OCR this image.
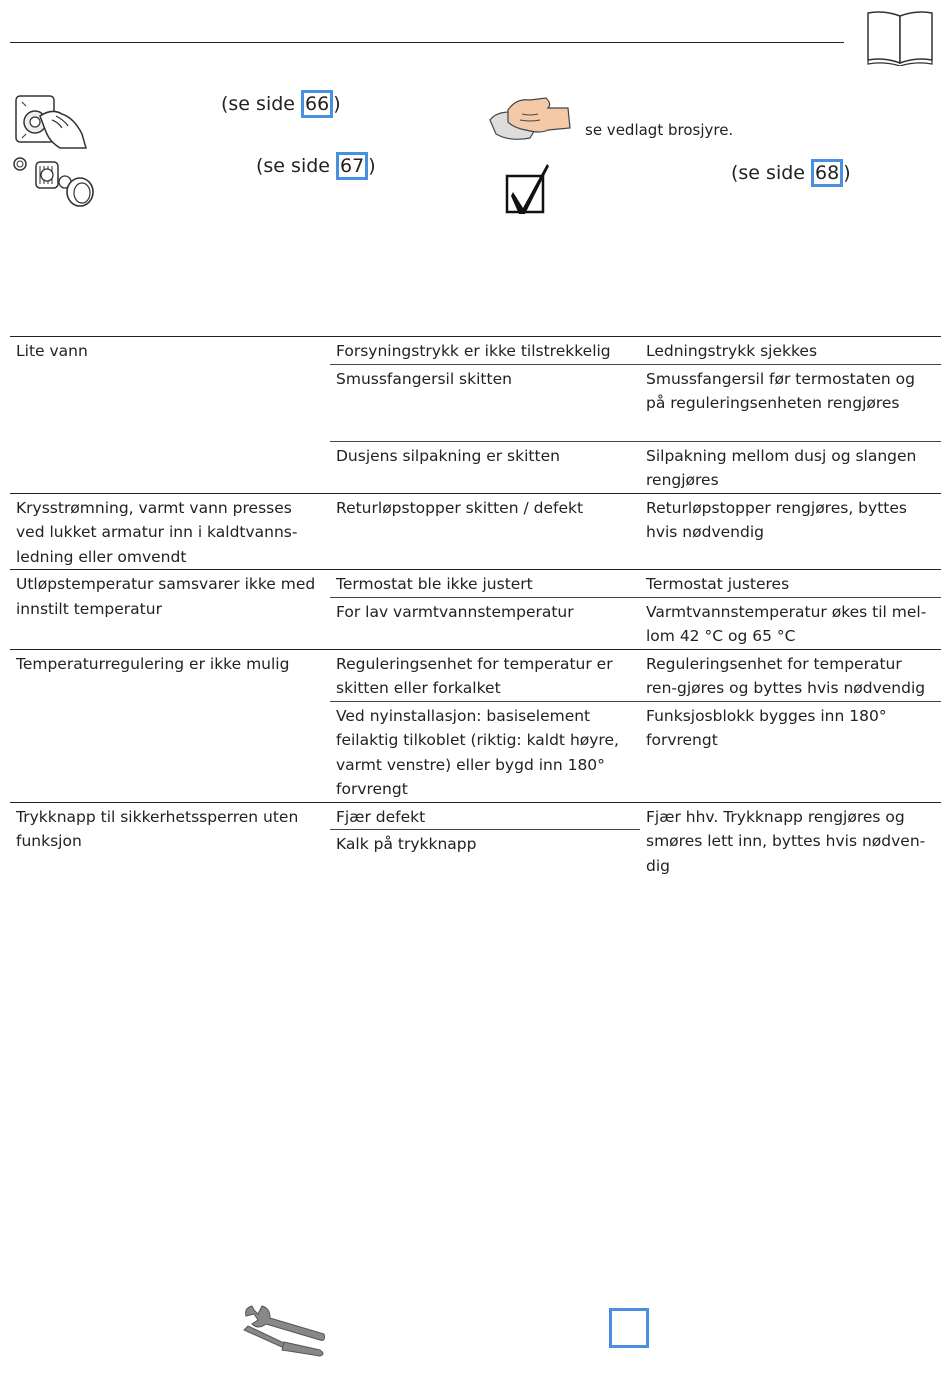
(se side 66 )
(se side 67 )
se vedlagt brosjyre.
(se side 68 )
Lite vann	Forsyningstrykk er ikke tilstrekkelig	Ledningstrykk sjekkes
	Smussfangersil skitten	Smussfangersil før termostaten og på reguleringsenheten rengjøres
	Dusjens silpakning er skitten	Silpakning mellom dusj og slangen rengjøres
Krysstrømning, varmt vann presses ved lukket armatur inn i kaldtvanns-ledning eller omvendt	Returløpstopper skitten / defekt	Returløpstopper rengjøres, byttes hvis nødvendig
Utløpstemperatur samsvarer ikke med innstilt temperatur	Termostat ble ikke justert	Termostat justeres
	For lav varmtvannstemperatur	Varmtvannstemperatur økes til mel-lom 42 °C og 65 °C
Temperaturregulering er ikke mulig	Reguleringsenhet for temperatur er skitten eller forkalket	Reguleringsenhet for temperatur ren-gjøres og byttes hvis nødvendig
	Ved nyinstallasjon: basiselement feilaktig tilkoblet (riktig: kaldt høyre, varmt venstre) eller bygd inn 180° forvrengt	Funksjosblokk bygges inn 180° forvrengt
Trykknapp til sikkerhetssperren uten funksjon	Fjær defekt	Fjær hhv. Trykknapp rengjøres og smøres lett inn, byttes hvis nødven-dig
	Kalk på trykknapp	
